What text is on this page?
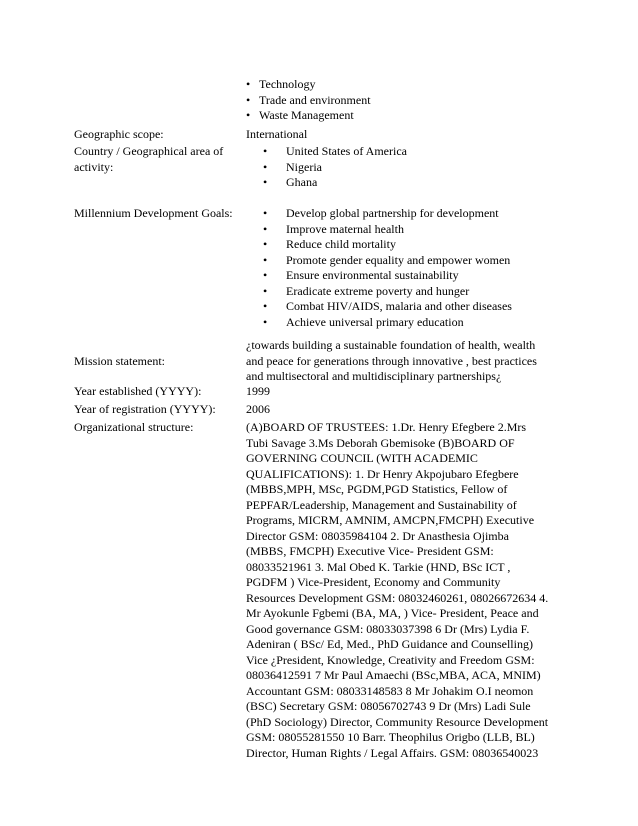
• Technology
• Trade and environment
• Waste Management
Geographic scope:	International
Country / Geographical area of
activity:
• United States of America
• Nigeria
• Ghana
Millennium Development Goals:	• Develop global partnership for development
• Improve maternal health
• Reduce child mortality
• Promote gender equality and empower women
• Ensure environmental sustainability
• Eradicate extreme poverty and hunger
• Combat HIV/AIDS, malaria and other diseases
• Achieve universal primary education
Mission statement:
¿towards building a sustainable foundation of health, wealth
and peace for generations through innovative , best practices
and multisectoral and multidisciplinary partnerships¿
Year established (YYYY):	1999
Year of registration (YYYY):	2006
Organizational structure:	(A)BOARD OF TRUSTEES: 1.Dr. Henry Efegbere 2.Mrs
Tubi Savage 3.Ms Deborah Gbemisoke (B)BOARD OF
GOVERNING COUNCIL (WITH ACADEMIC
QUALIFICATIONS): 1. Dr Henry Akpojubaro Efegbere
(MBBS,MPH, MSc, PGDM,PGD Statistics, Fellow of
PEPFAR/Leadership, Management and Sustainability of
Programs, MICRM, AMNIM, AMCPN,FMCPH) Executive
Director GSM: 08035984104 2. Dr Anasthesia Ojimba
(MBBS, FMCPH) Executive Vice- President GSM:
08033521961 3. Mal Obed K. Tarkie (HND, BSc ICT ,
PGDFM ) Vice-President, Economy and Community
Resources Development GSM: 08032460261, 08026672634 4.
Mr Ayokunle Fgbemi (BA, MA, ) Vice- President, Peace and
Good governance GSM: 08033037398 6 Dr (Mrs) Lydia F.
Adeniran ( BSc/ Ed, Med., PhD Guidance and Counselling)
Vice ¿President, Knowledge, Creativity and Freedom GSM:
08036412591 7 Mr Paul Amaechi (BSc,MBA, ACA, MNIM)
Accountant GSM: 08033148583 8 Mr Johakim O.I neomon
(BSC) Secretary GSM: 08056702743 9 Dr (Mrs) Ladi Sule
(PhD Sociology) Director, Community Resource Development
GSM: 08055281550 10 Barr. Theophilus Origbo (LLB, BL)
Director, Human Rights / Legal Affairs. GSM: 08036540023
